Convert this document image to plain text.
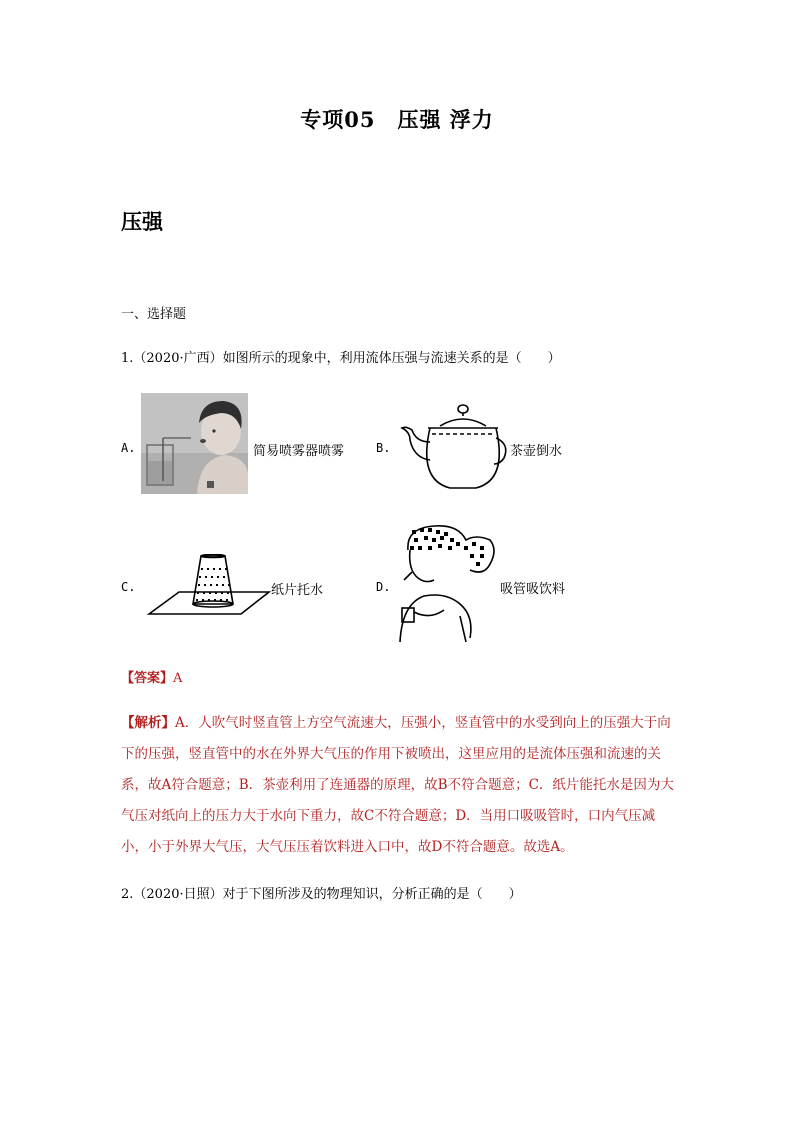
专项05　压强 浮力
压强
一、选择题
1.（2020·广西）如图所示的现象中，利用流体压强与流速关系的是（　　）
A.	简易喷雾器喷雾	B.	茶壶倒水
C.	纸片托水	D.	吸管吸饮料
【答案】A
【解析】A．人吹气时竖直管上方空气流速大，压强小，竖直管中的水受到向上的压强大于向下的压强，竖直管中的水在外界大气压的作用下被喷出，这里应用的是流体压强和流速的关系，故A符合题意；B．茶壶利用了连通器的原理，故B不符合题意；C．纸片能托水是因为大气压对纸向上的压力大于水向下重力，故C不符合题意；D．当用口吸吸管时，口内气压减小，小于外界大气压，大气压压着饮料进入口中，故D不符合题意。故选A。
2.（2020·日照）对于下图所涉及的物理知识，分析正确的是（　　）
